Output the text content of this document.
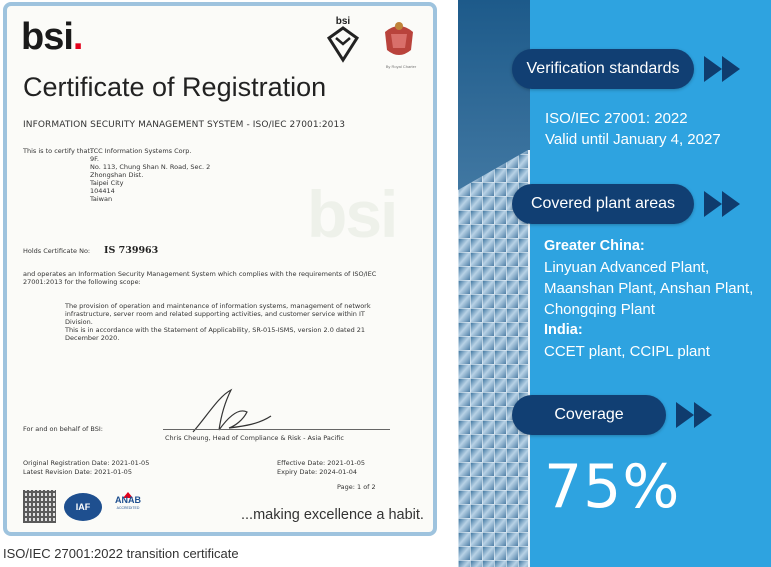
bsi
bsi.	bsi
By Royal Charter
Certificate of Registration
INFORMATION SECURITY MANAGEMENT SYSTEM - ISO/IEC 27001:2013
This is to certify that:
TCC Information Systems Corp.
9F.
No. 113, Chung Shan N. Road, Sec. 2
Zhongshan Dist.
Taipei City
104414
Taiwan
Holds Certificate No: IS 739963
and operates an Information Security Management System which complies with the requirements of ISO/IEC 27001:2013 for the following scope:

The provision of operation and maintenance of information systems, management of network infrastructure, server room and related supporting activities, and customer service within IT Division.

This is in accordance with the Statement of Applicability, SR-015-ISMS, version 2.0 dated 21 December 2020.

For and on behalf of BSI:
Chris Cheung, Head of Compliance & Risk - Asia Pacific
Original Registration Date: 2021-01-05
Latest Revision Date: 2021-01-05
Effective Date: 2021-01-05
Expiry Date: 2024-01-04
Page: 1 of 2
IAF
ANAB
ACCREDITED	...making excellence a habit.
ISO/IEC 27001:2022 transition certificate
Verification standards
ISO/IEC 27001: 2022
Valid until January 4, 2027
Covered plant areas
Greater China:
Linyuan Advanced Plant,
Maanshan Plant, Anshan Plant,
Chongqing Plant
India:
CCET plant, CCIPL plant
Coverage
75%
